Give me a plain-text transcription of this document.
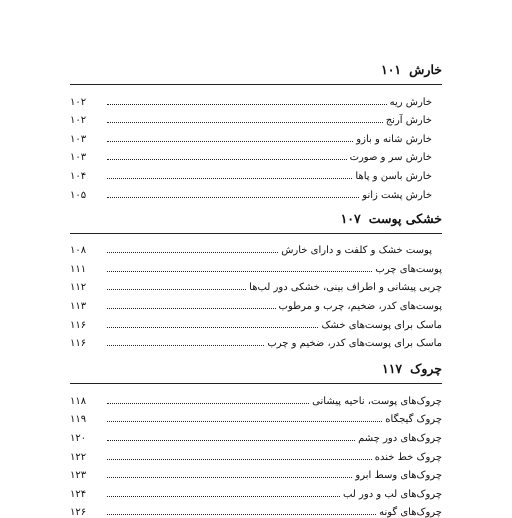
خارش
۱۰۱
خارش ریه
۱۰۲
خارش آرنج
۱۰۲
خارش شانه و بازو
۱۰۳
خارش سر و صورت
۱۰۳
خارش باسن و پاها
۱۰۴
خارش پشت زانو
۱۰۵
خشکی پوست
۱۰۷
پوست خشک و کلفت و دارای خارش
۱۰۸
پوست‌های چرب
۱۱۱
چربی پیشانی و اطراف بینی، خشکی دور لب‌ها
۱۱۲
پوست‌های کدر، ضخیم، چرب و مرطوب
۱۱۳
ماسک برای پوست‌های خشک
۱۱۶
ماسک برای پوست‌های کدر، ضخیم و چرب
۱۱۶
چروک
۱۱۷
چروک‌های پوست، ناحیه پیشانی
۱۱۸
چروک گیجگاه
۱۱۹
چروک‌های دور چشم
۱۲۰
چروک خط خنده
۱۲۲
چروک‌های وسط ابرو
۱۲۳
چروک‌های لب و دور لب
۱۲۴
چروک‌های گونه
۱۲۶
